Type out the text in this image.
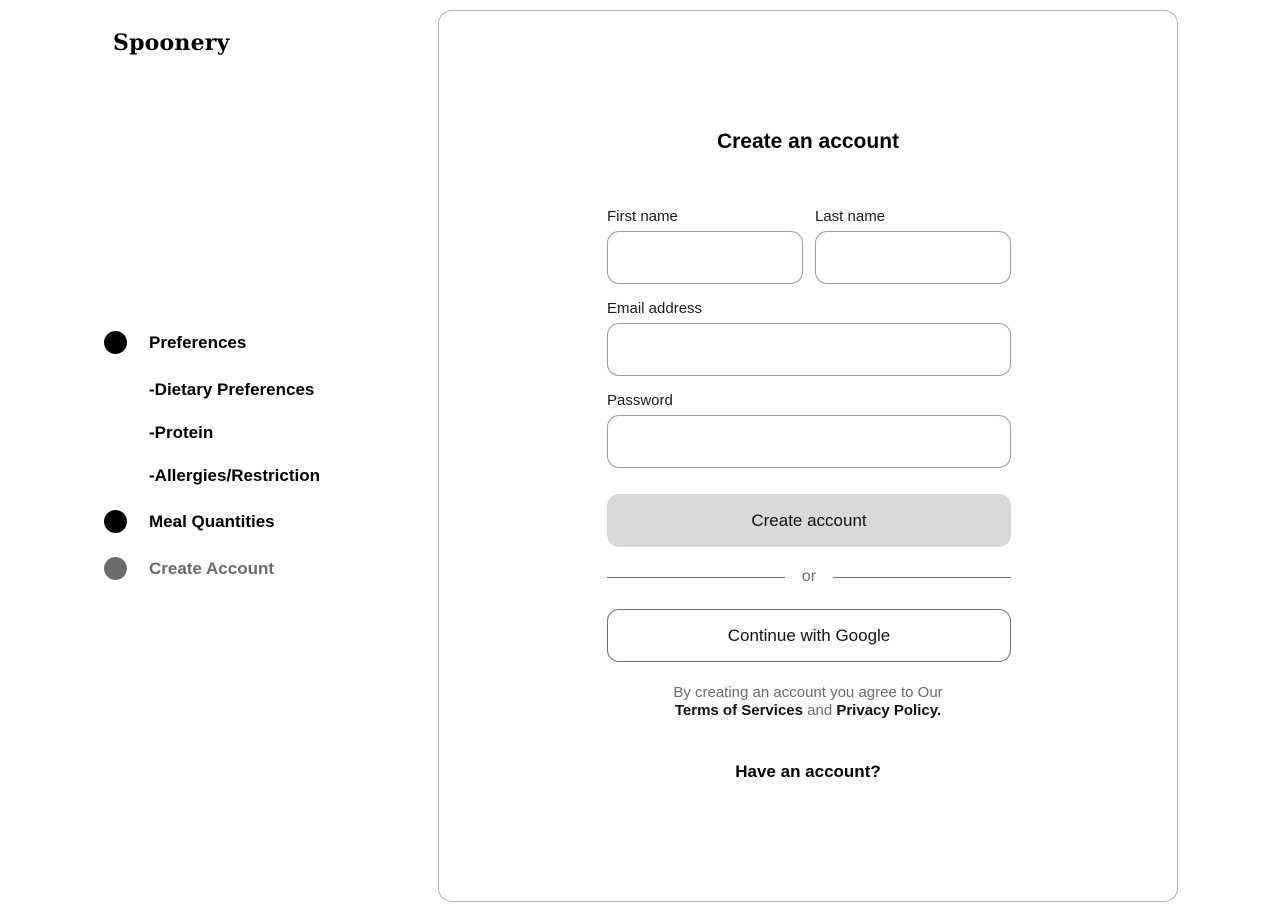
Spoonery
Preferences
-Dietary Preferences
-Protein
-Allergies/Restriction
Meal Quantities
Create Account
Create an account
First name	Last name
Email address
Password
Create account
or
Continue with Google
By creating an account you agree to Our
Terms of Services and Privacy Policy.
Have an account?
